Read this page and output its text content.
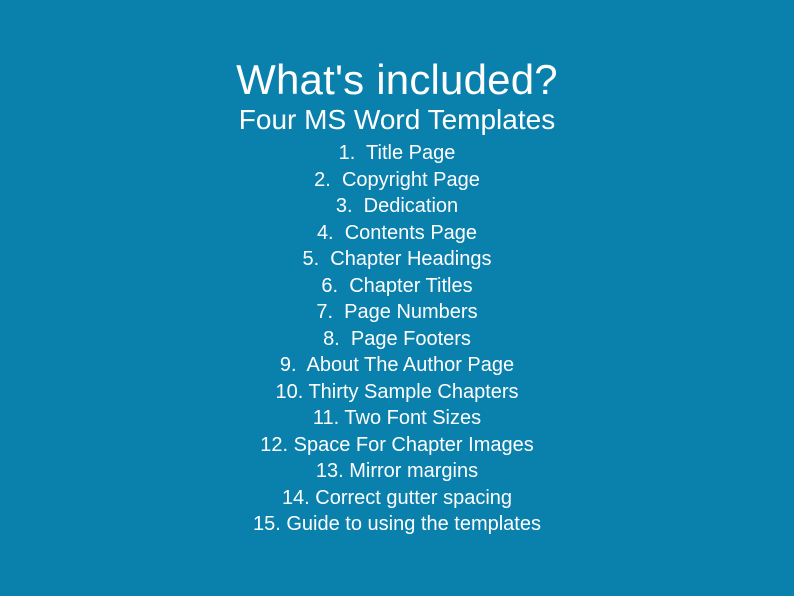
What's included?
Four MS Word Templates
1.  Title Page
2.  Copyright Page
3.  Dedication
4.  Contents Page
5.  Chapter Headings
6.  Chapter Titles
7.  Page Numbers
8.  Page Footers
9.  About The Author Page
10. Thirty Sample Chapters
11. Two Font Sizes
12. Space For Chapter Images
13. Mirror margins
14. Correct gutter spacing
15. Guide to using the templates
